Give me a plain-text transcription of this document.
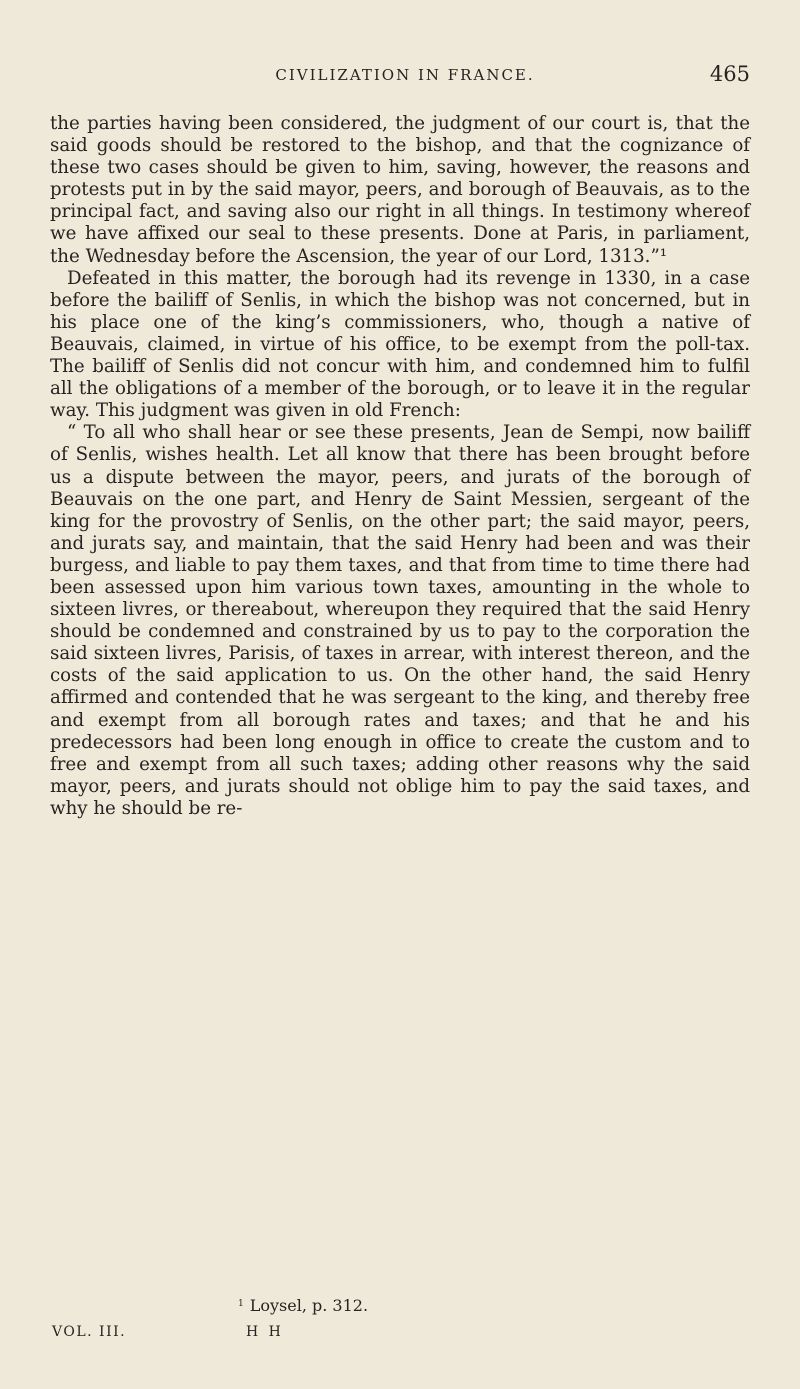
CIVILIZATION IN FRANCE.	465

the parties having been considered, the judgment of our court is, that the said goods should be restored to the bishop, and that the cognizance of these two cases should be given to him, saving, however, the reasons and protests put in by the said mayor, peers, and borough of Beauvais, as to the principal fact, and saving also our right in all things. In testimony whereof we have affixed our seal to these presents. Done at Paris, in parliament, the Wednesday before the Ascension, the year of our Lord, 1313.”¹

Defeated in this matter, the borough had its revenge in 1330, in a case before the bailiff of Senlis, in which the bishop was not concerned, but in his place one of the king’s commissioners, who, though a native of Beauvais, claimed, in virtue of his office, to be exempt from the poll-tax. The bailiff of Senlis did not concur with him, and condemned him to fulfil all the obligations of a member of the borough, or to leave it in the regular way. This judgment was given in old French:

“ To all who shall hear or see these presents, Jean de Sempi, now bailiff of Senlis, wishes health. Let all know that there has been brought before us a dispute between the mayor, peers, and jurats of the borough of Beauvais on the one part, and Henry de Saint Messien, sergeant of the king for the provostry of Senlis, on the other part; the said mayor, peers, and jurats say, and maintain, that the said Henry had been and was their burgess, and liable to pay them taxes, and that from time to time there had been assessed upon him various town taxes, amounting in the whole to sixteen livres, or thereabout, whereupon they required that the said Henry should be condemned and constrained by us to pay to the corporation the said sixteen livres, Parisis, of taxes in arrear, with interest thereon, and the costs of the said application to us. On the other hand, the said Henry affirmed and contended that he was sergeant to the king, and thereby free and exempt from all borough rates and taxes; and that he and his predecessors had been long enough in office to create the custom and to free and exempt from all such taxes; adding other reasons why the said mayor, peers, and jurats should not oblige him to pay the said taxes, and why he should be re-

$^1$ Loysel, p. 312.
VOL. III.	H H
